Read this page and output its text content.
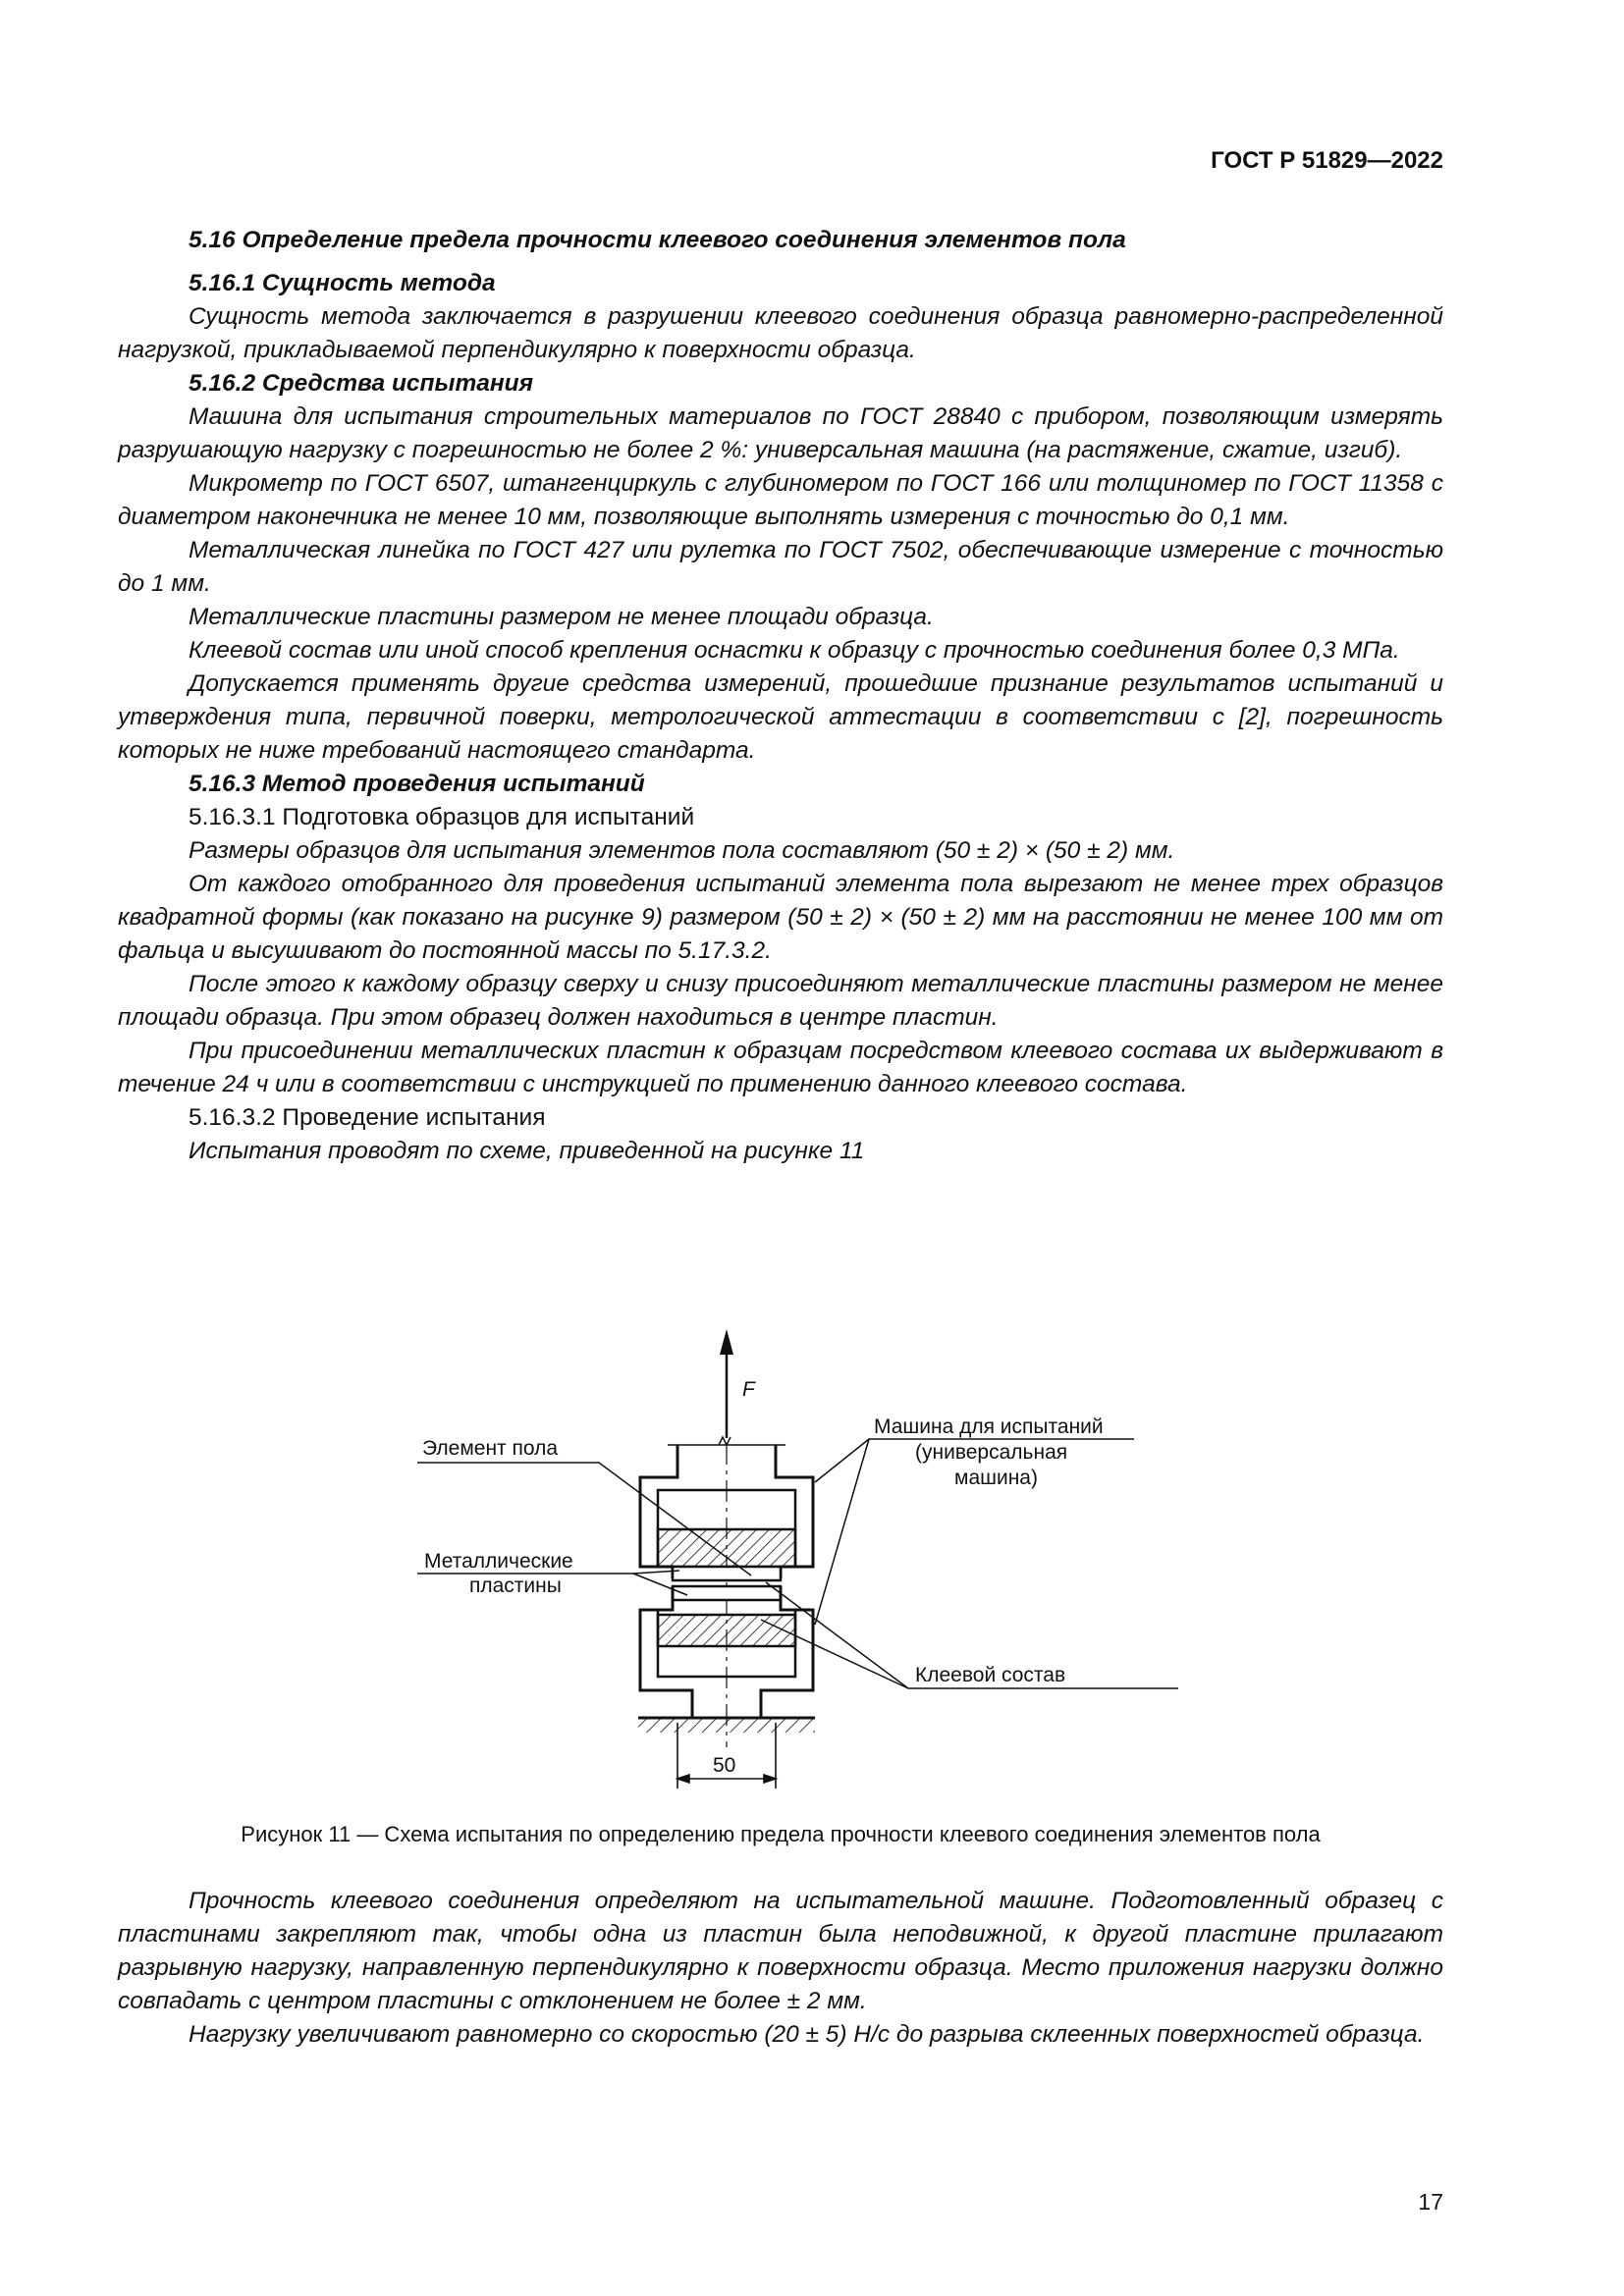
ГОСТ Р 51829—2022

5.16 Определение предела прочности клеевого соединения элементов пола

5.16.1 Сущность метода

Сущность метода заключается в разрушении клеевого соединения образца равномерно-распределенной нагрузкой, прикладываемой перпендикулярно к поверхности образца.

5.16.2 Средства испытания

Машина для испытания строительных материалов по ГОСТ 28840 с прибором, позволяющим измерять разрушающую нагрузку с погрешностью не более 2 %: универсальная машина (на растяжение, сжатие, изгиб).

Микрометр по ГОСТ 6507, штангенциркуль с глубиномером по ГОСТ 166 или толщиномер по ГОСТ 11358 с диаметром наконечника не менее 10 мм, позволяющие выполнять измерения с точностью до 0,1 мм.

Металлическая линейка по ГОСТ 427 или рулетка по ГОСТ 7502, обеспечивающие измерение с точностью до 1 мм.

Металлические пластины размером не менее площади образца.

Клеевой состав или иной способ крепления оснастки к образцу с прочностью соединения более 0,3 МПа.

Допускается применять другие средства измерений, прошедшие признание результатов испытаний и утверждения типа, первичной поверки, метрологической аттестации в соответствии с [2], погрешность которых не ниже требований настоящего стандарта.

5.16.3 Метод проведения испытаний

5.16.3.1 Подготовка образцов для испытаний

Размеры образцов для испытания элементов пола составляют (50 ± 2) × (50 ± 2) мм.

От каждого отобранного для проведения испытаний элемента пола вырезают не менее трех образцов квадратной формы (как показано на рисунке 9) размером (50 ± 2) × (50 ± 2) мм на расстоянии не менее 100 мм от фальца и высушивают до постоянной массы по 5.17.3.2.

После этого к каждому образцу сверху и снизу присоединяют металлические пластины размером не менее площади образца. При этом образец должен находиться в центре пластин.

При присоединении металлических пластин к образцам посредством клеевого состава их выдерживают в течение 24 ч или в соответствии с инструкцией по применению данного клеевого состава.

5.16.3.2 Проведение испытания

Испытания проводят по схеме, приведенной на рисунке 11

F
50
Элемент пола
Машина для испытаний
(универсальная
машина)
Металлические
пластины
Клеевой состав
Рисунок 11 — Схема испытания по определению предела прочности клеевого соединения элементов пола

Прочность клеевого соединения определяют на испытательной машине. Подготовленный образец с пластинами закрепляют так, чтобы одна из пластин была неподвижной, к другой пластине прилагают разрывную нагрузку, направленную перпендикулярно к поверхности образца. Место приложения нагрузки должно совпадать с центром пластины с отклонением не более ± 2 мм.

Нагрузку увеличивают равномерно со скоростью (20 ± 5) Н/с до разрыва склеенных поверхностей образца.

17
